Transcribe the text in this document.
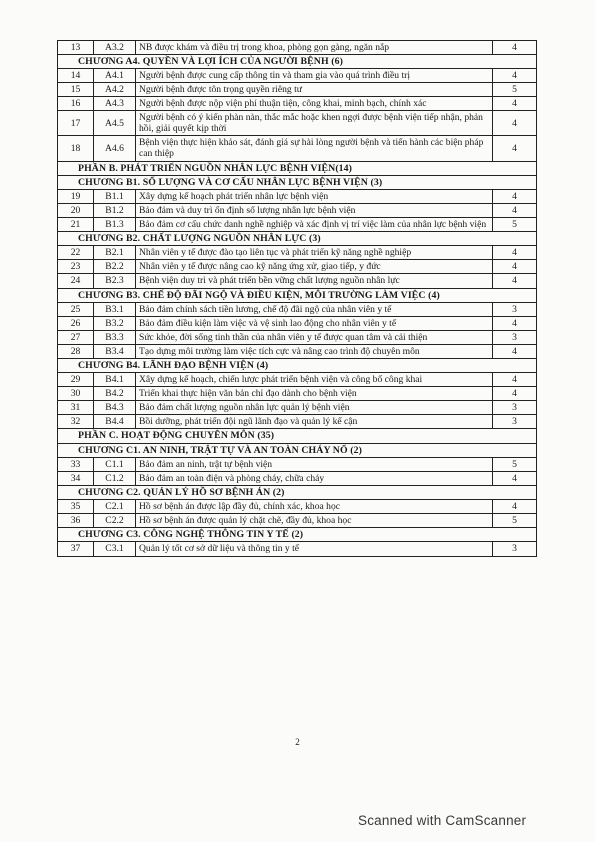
13	A3.2	NB được khám và điều trị trong khoa, phòng gọn gàng, ngăn nắp	4
CHƯƠNG A4. QUYỀN VÀ LỢI ÍCH CỦA NGƯỜI BỆNH (6)			
14	A4.1	Người bệnh được cung cấp thông tin và tham gia vào quá trình điều trị	4
15	A4.2	Người bệnh được tôn trọng quyền riêng tư	5
16	A4.3	Người bệnh được nộp viện phí thuận tiện, công khai, minh bạch, chính xác	4
17	A4.5	Người bệnh có ý kiến phàn nàn, thắc mắc hoặc khen ngợi được bệnh viện tiếp nhận, phản hồi, giải quyết kịp thời	4
18	A4.6	Bệnh viện thực hiện khảo sát, đánh giá sự hài lòng người bệnh và tiến hành các biện pháp can thiệp	4
PHẦN B. PHÁT TRIỂN NGUỒN NHÂN LỰC BỆNH VIỆN(14)			
CHƯƠNG B1. SỐ LƯỢNG VÀ CƠ CẤU NHÂN LỰC BỆNH VIỆN (3)			
19	B1.1	Xây dựng kế hoạch phát triển nhân lực bệnh viện	4
20	B1.2	Bảo đảm và duy trì ổn định số lượng nhân lực bệnh viện	4
21	B1.3	Bảo đảm cơ cấu chức danh nghề nghiệp và xác định vị trí việc làm của nhân lực bệnh viện	5
CHƯƠNG B2. CHẤT LƯỢNG NGUỒN NHÂN LỰC (3)			
22	B2.1	Nhân viên y tế được đào tạo liên tục và phát triển kỹ năng nghề nghiệp	4
23	B2.2	Nhân viên y tế được nâng cao kỹ năng ứng xử, giao tiếp, y đức	4
24	B2.3	Bệnh viện duy trì và phát triển bền vững chất lượng nguồn nhân lực	4
CHƯƠNG B3. CHẾ ĐỘ ĐÃI NGỘ VÀ ĐIỀU KIỆN, MÔI TRƯỜNG LÀM VIỆC (4)			
25	B3.1	Bảo đảm chính sách tiền lương, chế độ đãi ngộ của nhân viên y tế	3
26	B3.2	Bảo đảm điều kiện làm việc và vệ sinh lao động cho nhân viên y tế	4
27	B3.3	Sức khỏe, đời sống tinh thần của nhân viên y tế được quan tâm và cải thiện	3
28	B3.4	Tạo dựng môi trường làm việc tích cực và nâng cao trình độ chuyên môn	4
CHƯƠNG B4. LÃNH ĐẠO BỆNH VIỆN (4)			
29	B4.1	Xây dựng kế hoạch, chiến lược phát triển bệnh viện và công bố công khai	4
30	B4.2	Triển khai thực hiện văn bản chỉ đạo dành cho bệnh viện	4
31	B4.3	Bảo đảm chất lượng nguồn nhân lực quản lý bệnh viện	3
32	B4.4	Bồi dưỡng, phát triển đội ngũ lãnh đạo và quản lý kế cận	3
PHẦN C. HOẠT ĐỘNG CHUYÊN MÔN (35)			
CHƯƠNG C1. AN NINH, TRẬT TỰ VÀ AN TOÀN CHÁY NỔ (2)			
33	C1.1	Bảo đảm an ninh, trật tự bệnh viện	5
34	C1.2	Bảo đảm an toàn điện và phòng cháy, chữa cháy	4
CHƯƠNG C2. QUẢN LÝ HỒ SƠ BỆNH ÁN (2)			
35	C2.1	Hồ sơ bệnh án được lập đầy đủ, chính xác, khoa học	4
36	C2.2	Hồ sơ bệnh án được quản lý chặt chẽ, đầy đủ, khoa học	5
CHƯƠNG C3. CÔNG NGHỆ THÔNG TIN Y TẾ (2)			
37	C3.1	Quản lý tốt cơ sở dữ liệu và thông tin y tế	3
2
Scanned with CamScanner
